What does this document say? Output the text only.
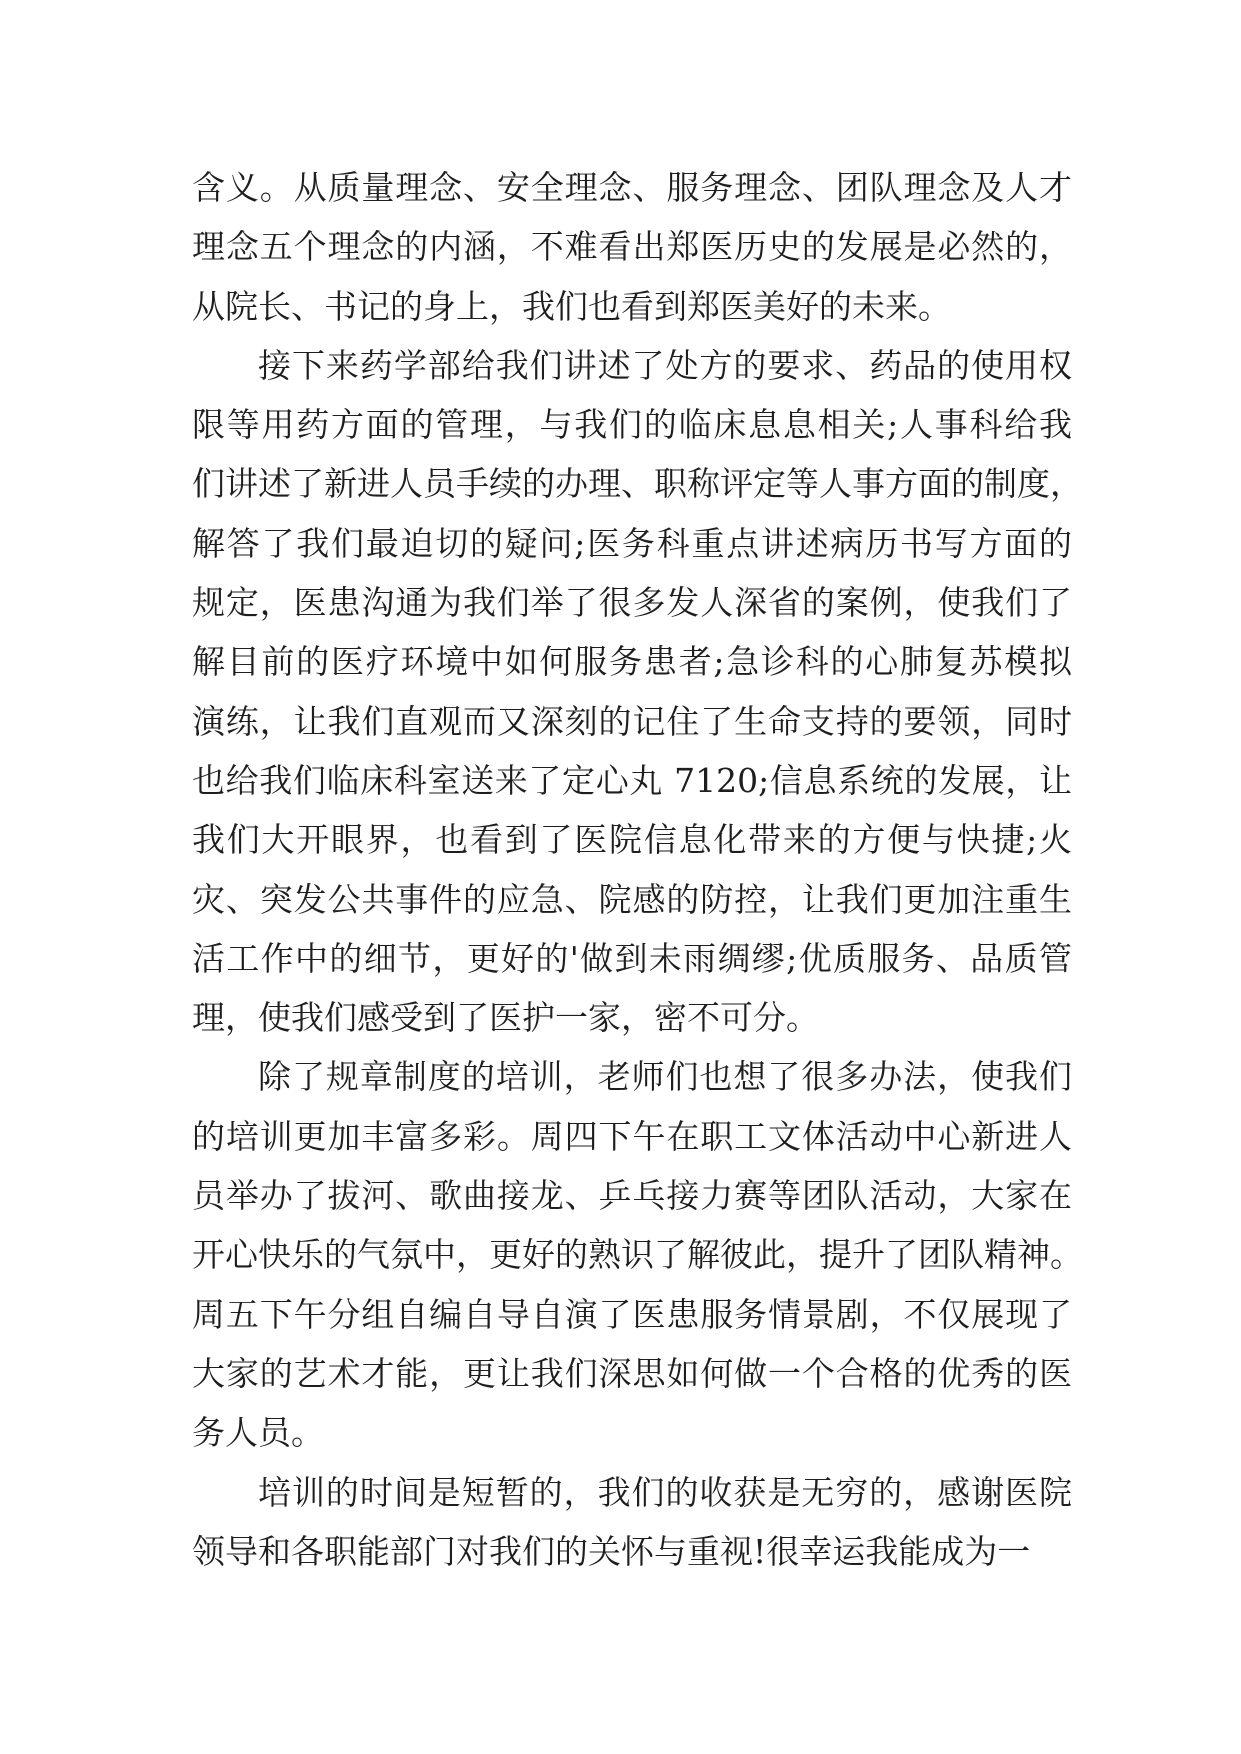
含义。从质量理念、安全理念、服务理念、团队理念及人才
理念五个理念的内涵，不难看出郑医历史的发展是必然的，
从院长、书记的身上，我们也看到郑医美好的未来。
接下来药学部给我们讲述了处方的要求、药品的使用权
限等用药方面的管理，与我们的临床息息相关;人事科给我
们讲述了新进人员手续的办理、职称评定等人事方面的制度，
解答了我们最迫切的疑问;医务科重点讲述病历书写方面的
规定，医患沟通为我们举了很多发人深省的案例，使我们了
解目前的医疗环境中如何服务患者;急诊科的心肺复苏模拟
演练，让我们直观而又深刻的记住了生命支持的要领，同时
也给我们临床科室送来了定心丸 7120;信息系统的发展，让
我们大开眼界，也看到了医院信息化带来的方便与快捷;火
灾、突发公共事件的应急、院感的防控，让我们更加注重生
活工作中的细节，更好的'做到未雨绸缪;优质服务、品质管
理，使我们感受到了医护一家，密不可分。
除了规章制度的培训，老师们也想了很多办法，使我们
的培训更加丰富多彩。周四下午在职工文体活动中心新进人
员举办了拔河、歌曲接龙、乒乓接力赛等团队活动，大家在
开心快乐的气氛中，更好的熟识了解彼此，提升了团队精神。
周五下午分组自编自导自演了医患服务情景剧，不仅展现了
大家的艺术才能，更让我们深思如何做一个合格的优秀的医
务人员。
培训的时间是短暂的，我们的收获是无穷的，感谢医院
领导和各职能部门对我们的关怀与重视!很幸运我能成为一
